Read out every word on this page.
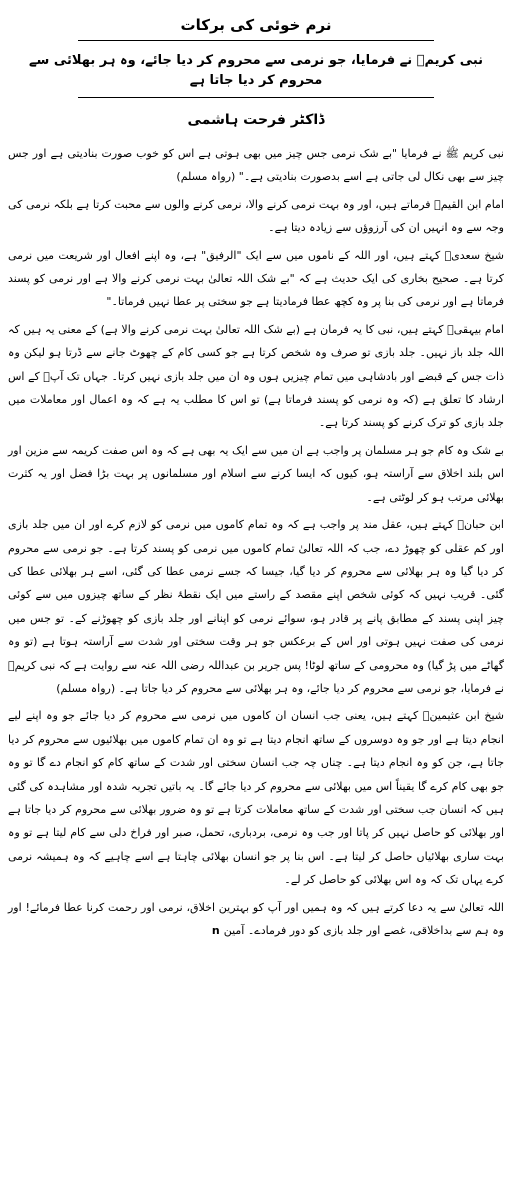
نرم خوئی کی برکات
نبی کریمؐ نے فرمایا، جو نرمی سے محروم کر دیا جائے، وہ ہر بھلائی سے محروم کر دیا جاتا ہے
ڈاکٹر فرحت ہاشمی

نبی کریم ﷺ نے فرمایا "بے شک نرمی جس چیز میں بھی ہوتی ہے اس کو خوب صورت بنادیتی ہے اور جس چیز سے بھی نکال لی جاتی ہے اسے بدصورت بنادیتی ہے۔" (رواہ مسلم)

امام ابن القیمؒ فرماتے ہیں، اور وہ بہت نرمی کرنے والا، نرمی کرنے والوں سے محبت کرتا ہے بلکہ نرمی کی وجہ سے وہ انہیں ان کی آرزوؤں سے زیادہ دیتا ہے۔

شیخ سعدیؒ کہتے ہیں، اور اللہ کے ناموں میں سے ایک "الرفیق" ہے، وہ اپنے افعال اور شریعت میں نرمی کرتا ہے۔ صحیح بخاری کی ایک حدیث ہے کہ "بے شک اللہ تعالیٰ بہت نرمی کرنے والا ہے اور نرمی کو پسند فرماتا ہے اور نرمی کی بنا پر وہ کچھ عطا فرمادیتا ہے جو سختی پر عطا نہیں فرماتا۔"

امام بیہقیؒ کہتے ہیں، نبی کا یہ فرمان ہے (بے شک اللہ تعالیٰ بہت نرمی کرنے والا ہے) کے معنی یہ ہیں کہ اللہ جلد باز نہیں۔ جلد بازی تو صرف وہ شخص کرتا ہے جو کسی کام کے چھوٹ جانے سے ڈرتا ہو لیکن وہ ذات جس کے قبضے اور بادشاہی میں تمام چیزیں ہوں وہ ان میں جلد بازی نہیں کرتا۔ جہاں تک آپؐ کے اس ارشاد کا تعلق ہے (کہ وہ نرمی کو پسند فرماتا ہے) تو اس کا مطلب یہ ہے کہ وہ اعمال اور معاملات میں جلد بازی کو ترک کرنے کو پسند کرتا ہے۔

بے شک وہ کام جو ہر مسلمان پر واجب ہے ان میں سے ایک یہ بھی ہے کہ وہ اس صفت کریمہ سے مزین اور اس بلند اخلاق سے آراستہ ہو، کیوں کہ ایسا کرنے سے اسلام اور مسلمانوں پر بہت بڑا فضل اور یہ کثرت بھلائی مرتب ہو کر لوٹتی ہے۔

ابن حبانؒ کہتے ہیں، عقل مند پر واجب ہے کہ وہ تمام کاموں میں نرمی کو لازم کرے اور ان میں جلد بازی اور کم عقلی کو چھوڑ دے، جب کہ اللہ تعالیٰ تمام کاموں میں نرمی کو پسند کرتا ہے۔ جو نرمی سے محروم کر دیا گیا وہ ہر بھلائی سے محروم کر دیا گیا، جیسا کہ جسے نرمی عطا کی گئی، اسے ہر بھلائی عطا کی گئی۔ قریب نہیں کہ کوئی شخص اپنے مقصد کے راستے میں ایک نقطۂ نظر کے ساتھ چیزوں میں سے کوئی چیز اپنی پسند کے مطابق پانے پر قادر ہو، سوائے نرمی کو اپنانے اور جلد بازی کو چھوڑنے کے۔ تو جس میں نرمی کی صفت نہیں ہوتی اور اس کے برعکس جو ہر وقت سختی اور شدت سے آراستہ ہوتا ہے (تو وہ گھاٹے میں پڑ گیا) وہ محرومی کے ساتھ لوٹا! پس جریر بن عبداللہ رضی اللہ عنہ سے روایت ہے کہ نبی کریمؐ نے فرمایا، جو نرمی سے محروم کر دیا جائے، وہ ہر بھلائی سے محروم کر دیا جاتا ہے۔ (رواہ مسلم)

شیخ ابن عثیمینؒ کہتے ہیں، یعنی جب انسان ان کاموں میں نرمی سے محروم کر دیا جائے جو وہ اپنے لیے انجام دیتا ہے اور جو وہ دوسروں کے ساتھ انجام دیتا ہے تو وہ ان تمام کاموں میں بھلائیوں سے محروم کر دیا جاتا ہے، جن کو وہ انجام دیتا ہے۔ چناں چہ جب انسان سختی اور شدت کے ساتھ کام کو انجام دے گا تو وہ جو بھی کام کرے گا یقیناً اس میں بھلائی سے محروم کر دیا جائے گا۔ یہ باتیں تجربہ شدہ اور مشاہدہ کی گئی ہیں کہ انسان جب سختی اور شدت کے ساتھ معاملات کرتا ہے تو وہ ضرور بھلائی سے محروم کر دیا جاتا ہے اور بھلائی کو حاصل نہیں کر پاتا اور جب وہ نرمی، بردباری، تحمل، صبر اور فراخ دلی سے کام لیتا ہے تو وہ بہت ساری بھلائیاں حاصل کر لیتا ہے۔ اس بنا پر جو انسان بھلائی چاہتا ہے اسے چاہیے کہ وہ ہمیشہ نرمی کرے یہاں تک کہ وہ اس بھلائی کو حاصل کر لے۔

اللہ تعالیٰ سے یہ دعا کرتے ہیں کہ وہ ہمیں اور آپ کو بہترین اخلاق، نرمی اور رحمت کرنا عطا فرمائے! اور وہ ہم سے بداخلاقی، غصے اور جلد بازی کو دور فرمادے۔ آمینn
